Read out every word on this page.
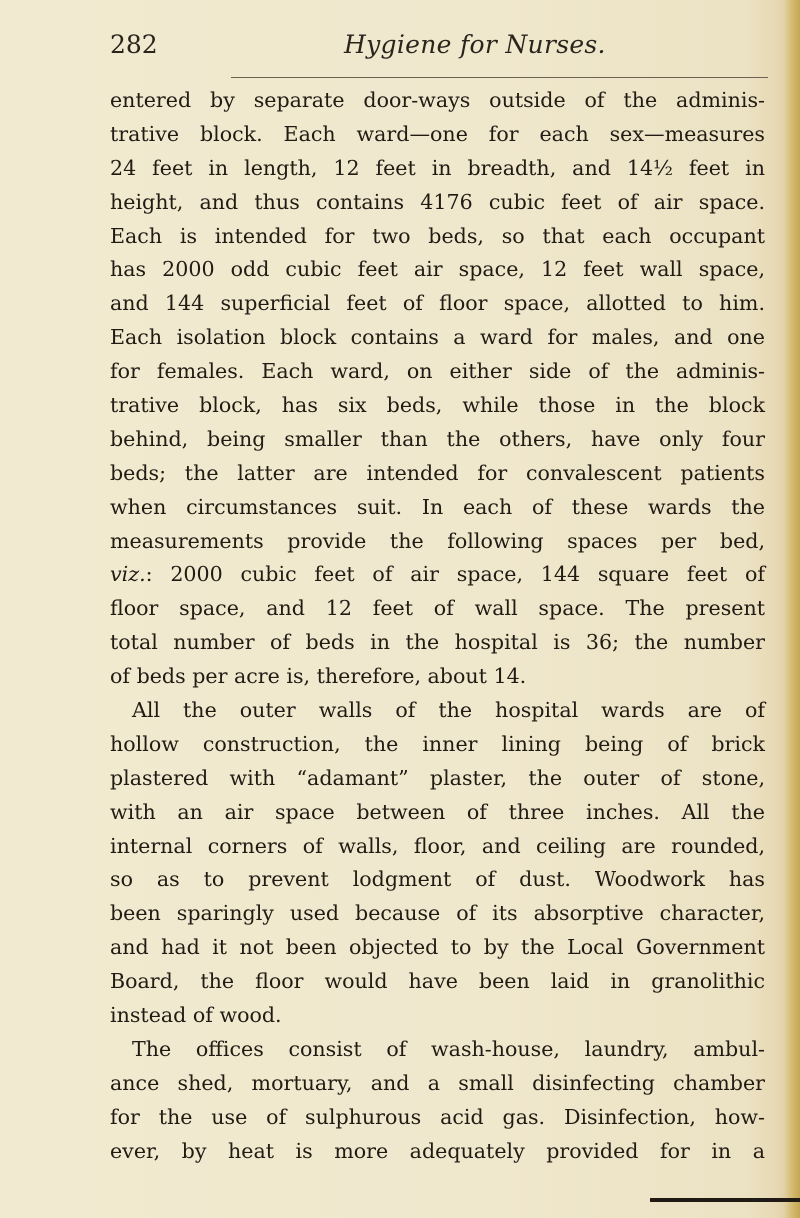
282	Hygiene for Nurses.
entered by separate door-ways outside of the adminis-
trative block. Each ward—one for each sex—measures
24 feet in length, 12 feet in breadth, and 14½ feet in
height, and thus contains 4176 cubic feet of air space.
Each is intended for two beds, so that each occupant
has 2000 odd cubic feet air space, 12 feet wall space,
and 144 superficial feet of floor space, allotted to him.
Each isolation block contains a ward for males, and one
for females. Each ward, on either side of the adminis-
trative block, has six beds, while those in the block
behind, being smaller than the others, have only four
beds; the latter are intended for convalescent patients
when circumstances suit. In each of these wards the
measurements provide the following spaces per bed,
viz.: 2000 cubic feet of air space, 144 square feet of
floor space, and 12 feet of wall space. The present
total number of beds in the hospital is 36; the number
of beds per acre is, therefore, about 14.
All the outer walls of the hospital wards are of
hollow construction, the inner lining being of brick
plastered with “adamant” plaster, the outer of stone,
with an air space between of three inches. All the
internal corners of walls, floor, and ceiling are rounded,
so as to prevent lodgment of dust. Woodwork has
been sparingly used because of its absorptive character,
and had it not been objected to by the Local Government
Board, the floor would have been laid in granolithic
instead of wood.
The offices consist of wash-house, laundry, ambul-
ance shed, mortuary, and a small disinfecting chamber
for the use of sulphurous acid gas. Disinfection, how-
ever, by heat is more adequately provided for in a
